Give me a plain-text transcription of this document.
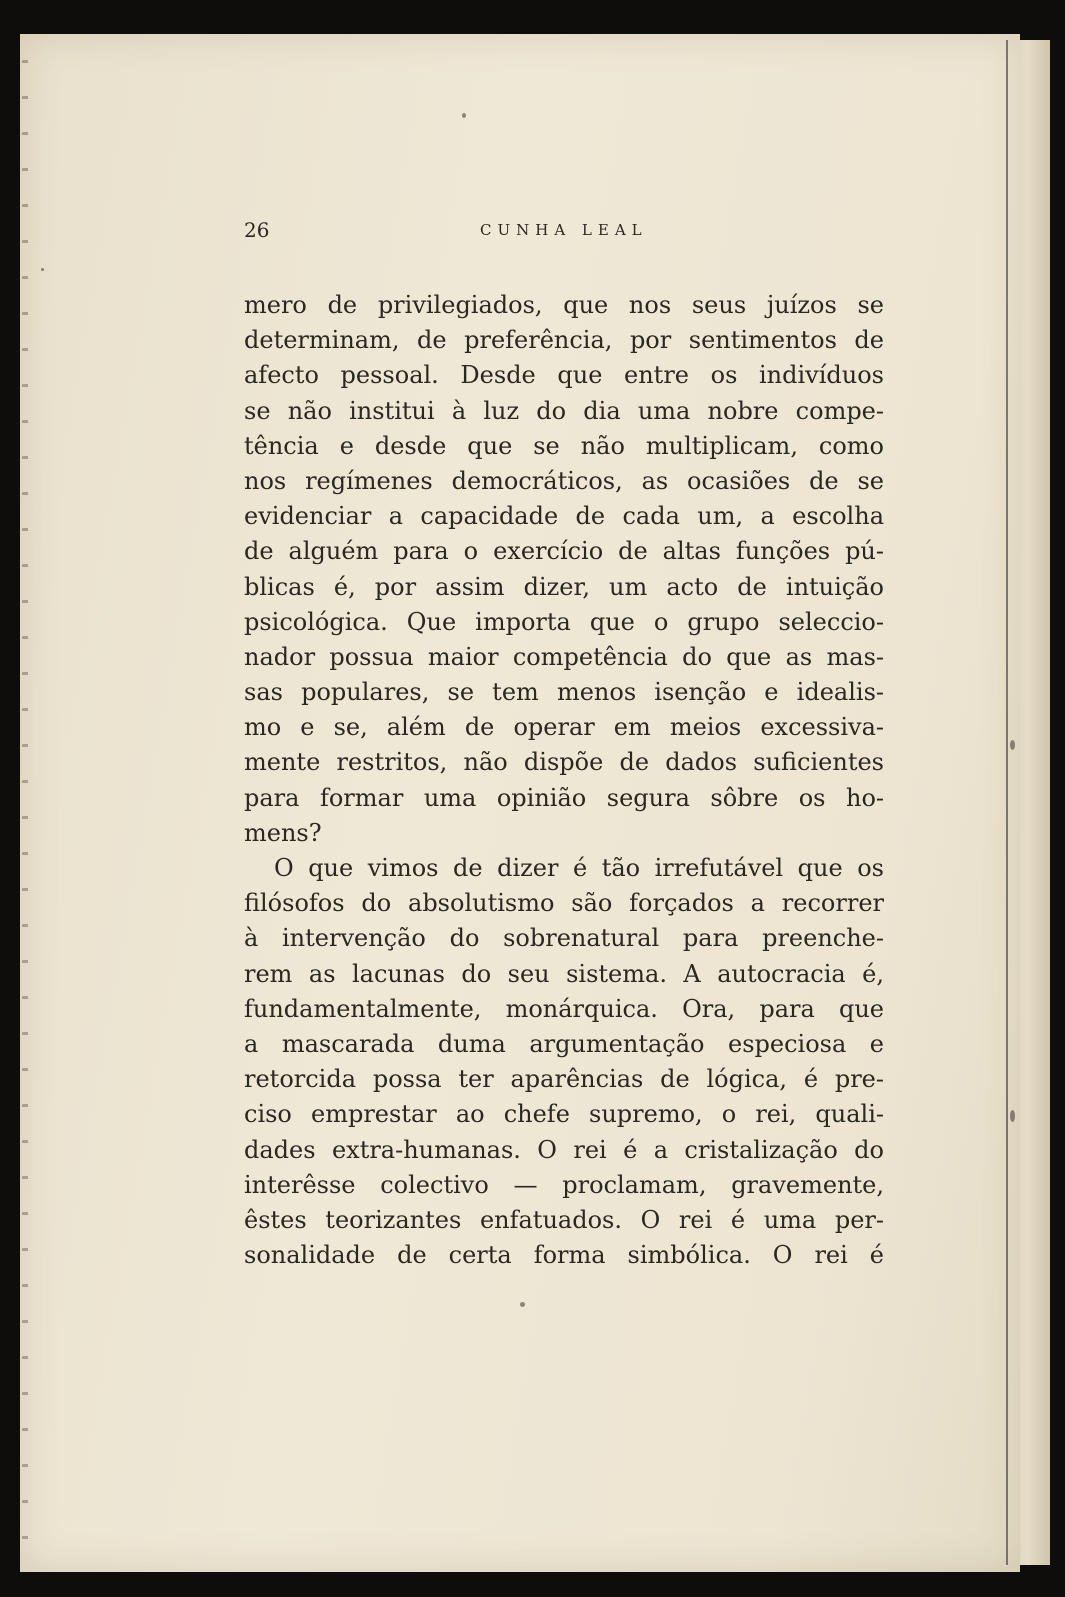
26	CUNHA LEAL
mero de privilegiados, que nos seus juízos se
determinam, de preferência, por sentimentos de
afecto pessoal. Desde que entre os indivíduos
se não institui à luz do dia uma nobre compe-
tência e desde que se não multiplicam, como
nos regímenes democráticos, as ocasiões de se
evidenciar a capacidade de cada um, a escolha
de alguém para o exercício de altas funções pú-
blicas é, por assim dizer, um acto de intuição
psicológica. Que importa que o grupo seleccio-
nador possua maior competência do que as mas-
sas populares, se tem menos isenção e idealis-
mo e se, além de operar em meios excessiva-
mente restritos, não dispõe de dados suficientes
para formar uma opinião segura sôbre os ho-
mens?
O que vimos de dizer é tão irrefutável que os
filósofos do absolutismo são forçados a recorrer
à intervenção do sobrenatural para preenche-
rem as lacunas do seu sistema. A autocracia é,
fundamentalmente, monárquica. Ora, para que
a mascarada duma argumentação especiosa e
retorcida possa ter aparências de lógica, é pre-
ciso emprestar ao chefe supremo, o rei, quali-
dades extra-humanas. O rei é a cristalização do
interêsse colectivo — proclamam, gravemente,
êstes teorizantes enfatuados. O rei é uma per-
sonalidade de certa forma simbólica. O rei é
